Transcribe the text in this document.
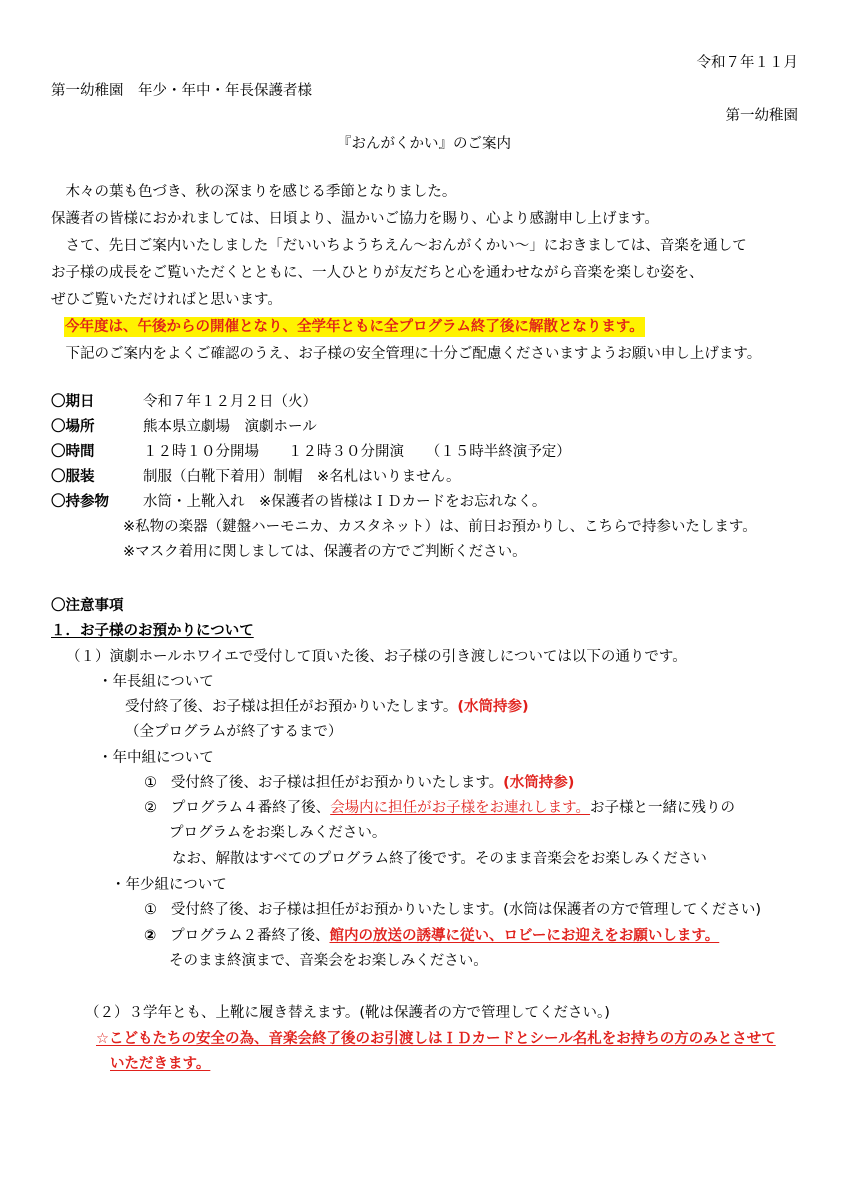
令和７年１１月
第一幼稚園　年少・年中・年長保護者様
第一幼稚園
『おんがくかい』のご案内
　木々の葉も色づき、秋の深まりを感じる季節となりました。
保護者の皆様におかれましては、日頃より、温かいご協力を賜り、心より感謝申し上げます。
　さて、先日ご案内いたしました「だいいちようちえん～おんがくかい～」におきましては、音楽を通して
お子様の成長をご覧いただくとともに、一人ひとりが友だちと心を通わせながら音楽を楽しむ姿を、
ぜひご覧いただければと思います。
今年度は、午後からの開催となり、全学年ともに全プログラム終了後に解散となります。
　下記のご案内をよくご確認のうえ、お子様の安全管理に十分ご配慮くださいますようお願い申し上げます。
〇期日	令和７年１２月２日（火）
〇場所	熊本県立劇場　演劇ホール
〇時間	１２時１０分開場　　１２時３０分開演　　（１５時半終演予定）
〇服装	制服（白靴下着用）制帽　※名札はいりません。
〇持参物 水筒・上靴入れ　※保護者の皆様はＩＤカードをお忘れなく。
※私物の楽器（鍵盤ハーモニカ、カスタネット）は、前日お預かりし、こちらで持参いたします。
※マスク着用に関しましては、保護者の方でご判断ください。
〇注意事項
１．お子様のお預かりについて
（１）演劇ホールホワイエで受付して頂いた後、お子様の引き渡しについては以下の通りです。
・年長組について
受付終了後、お子様は担任がお預かりいたします。(水筒持参)
（全プログラムが終了するまで）
・年中組について
① 受付終了後、お子様は担任がお預かりいたします。(水筒持参)
② プログラム４番終了後、会場内に担任がお子様をお連れします。お子様と一緒に残りの
プログラムをお楽しみください。
なお、解散はすべてのプログラム終了後です。そのまま音楽会をお楽しみください
・年少組について
① 受付終了後、お子様は担任がお預かりいたします。(水筒は保護者の方で管理してください)
② プログラム２番終了後、館内の放送の誘導に従い、ロビーにお迎えをお願いします。
そのまま終演まで、音楽会をお楽しみください。
（２）３学年とも、上靴に履き替えます。(靴は保護者の方で管理してください。)
☆こどもたちの安全の為、音楽会終了後のお引渡しはＩＤカードとシール名札をお持ちの方のみとさせて
いただきます。
